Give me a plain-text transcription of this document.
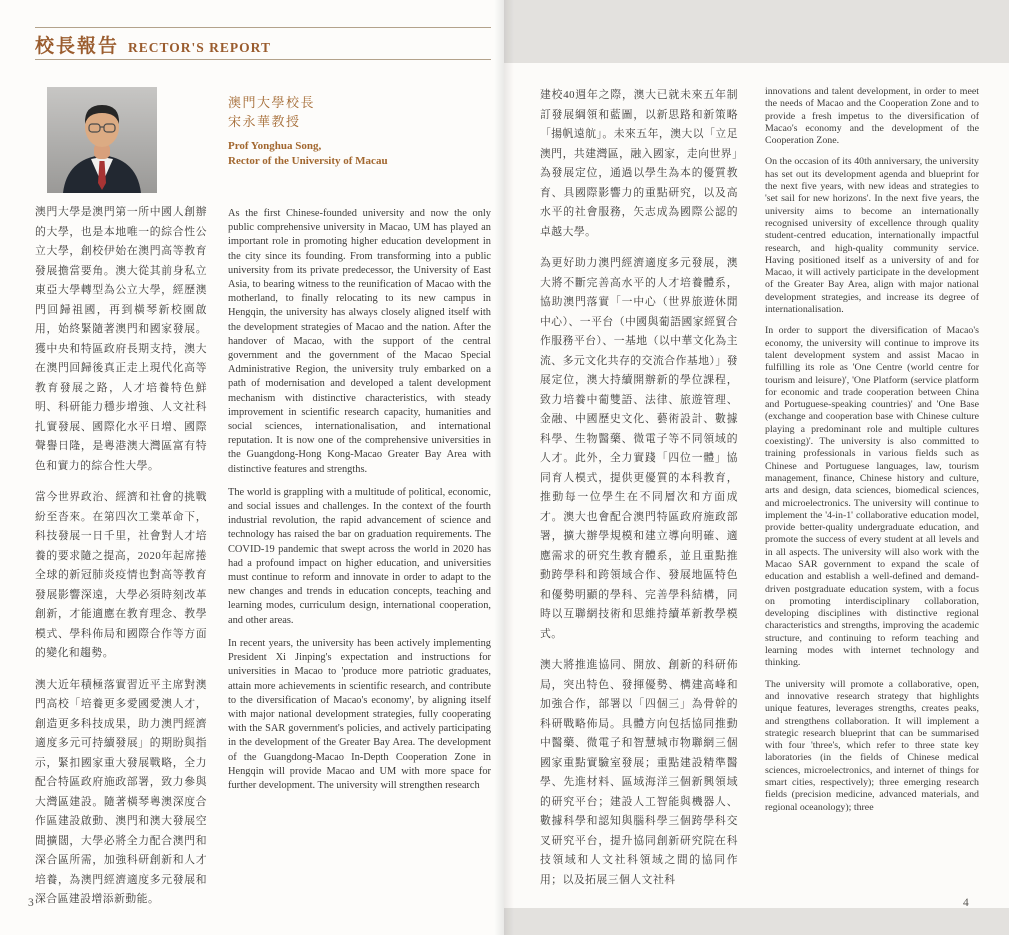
校長報告 RECTOR'S REPORT
澳門大學校長
宋永華教授
Prof Yonghua Song,
Rector of the University of Macau

澳門大學是澳門第一所中國人創辦的大學，也是本地唯一的綜合性公立大學，創校伊始在澳門高等教育發展擔當要角。澳大從其前身私立東亞大學轉型為公立大學，經歷澳門回歸祖國，再到橫琴新校園啟用，始終緊隨著澳門和國家發展。獲中央和特區政府長期支持，澳大在澳門回歸後真正走上現代化高等教育發展之路，人才培養特色鮮明、科研能力穩步增強、人文社科扎實發展、國際化水平日增、國際聲譽日隆，是粵港澳大灣區富有特色和實力的綜合性大學。

當今世界政治、經濟和社會的挑戰紛至沓來。在第四次工業革命下，科技發展一日千里，社會對人才培養的要求隨之提高，2020年起席捲全球的新冠肺炎疫情也對高等教育發展影響深遠，大學必須時刻改革創新，才能適應在教育理念、教學模式、學科佈局和國際合作等方面的變化和趨勢。

澳大近年積極落實習近平主席對澳門高校「培養更多愛國愛澳人才，創造更多科技成果，助力澳門經濟適度多元可持續發展」的期盼與指示，緊扣國家重大發展戰略，全力配合特區政府施政部署，致力參與大灣區建設。隨著橫琴粵澳深度合作區建設啟動、澳門和澳大發展空間擴闊，大學必將全力配合澳門和深合區所需，加強科研創新和人才培養，為澳門經濟適度多元發展和深合區建設增添新動能。

As the first Chinese-founded university and now the only public comprehensive university in Macao, UM has played an important role in promoting higher education development in the city since its founding. From transforming into a public university from its private predecessor, the University of East Asia, to bearing witness to the reunification of Macao with the motherland, to finally relocating to its new campus in Hengqin, the university has always closely aligned itself with the development strategies of Macao and the nation. After the handover of Macao, with the support of the central government and the government of the Macao Special Administrative Region, the university truly embarked on a path of modernisation and developed a talent development mechanism with distinctive characteristics, with steady improvement in scientific research capacity, humanities and social sciences, internationalisation, and international reputation. It is now one of the comprehensive universities in the Guangdong-Hong Kong-Macao Greater Bay Area with distinctive features and strengths.

The world is grappling with a multitude of political, economic, and social issues and challenges. In the context of the fourth industrial revolution, the rapid advancement of science and technology has raised the bar on graduation requirements. The COVID-19 pandemic that swept across the world in 2020 has had a profound impact on higher education, and universities must continue to reform and innovate in order to adapt to the new changes and trends in education concepts, teaching and learning modes, curriculum design, international cooperation, and other areas.

In recent years, the university has been actively implementing President Xi Jinping's expectation and instructions for universities in Macao to 'produce more patriotic graduates, attain more achievements in scientific research, and contribute to the diversification of Macao's economy', by aligning itself with major national development strategies, fully cooperating with the SAR government's policies, and actively participating in the development of the Greater Bay Area. The development of the Guangdong-Macao In-Depth Cooperation Zone in Hengqin will provide Macao and UM with more space for further development. The university will strengthen research

3

建校40週年之際，澳大已就未來五年制訂發展綱領和藍圖，以新思路和新策略「揚帆遠航」。未來五年，澳大以「立足澳門，共建灣區，融入國家，走向世界」為發展定位，通過以學生為本的優質教育、具國際影響力的重點研究，以及高水平的社會服務，矢志成為國際公認的卓越大學。

為更好助力澳門經濟適度多元發展，澳大將不斷完善高水平的人才培養體系，協助澳門落實「一中心（世界旅遊休閒中心）、一平台（中國與葡語國家經貿合作服務平台）、一基地（以中華文化為主流、多元文化共存的交流合作基地）」發展定位，澳大持續開辦新的學位課程，致力培養中葡雙語、法律、旅遊管理、金融、中國歷史文化、藝術設計、數據科學、生物醫藥、微電子等不同領域的人才。此外，全力實踐「四位一體」協同育人模式，提供更優質的本科教育，推動每一位學生在不同層次和方面成才。澳大也會配合澳門特區政府施政部署，擴大辦學規模和建立導向明確、適應需求的研究生教育體系，並且重點推動跨學科和跨領域合作、發展地區特色和優勢明顯的學科、完善學科結構，同時以互聯網技術和思維持續革新教學模式。

澳大將推進協同、開放、創新的科研佈局，突出特色、發揮優勢、構建高峰和加強合作，部署以「四個三」為骨幹的科研戰略佈局。具體方向包括協同推動中醫藥、微電子和智慧城市物聯網三個國家重點實驗室發展；重點建設精準醫學、先進材料、區域海洋三個新興領域的研究平台；建設人工智能與機器人、數據科學和認知與腦科學三個跨學科交叉研究平台，提升協同創新研究院在科技領域和人文社科領域之間的協同作用；以及拓展三個人文社科

innovations and talent development, in order to meet the needs of Macao and the Cooperation Zone and to provide a fresh impetus to the diversification of Macao's economy and the development of the Cooperation Zone.

On the occasion of its 40th anniversary, the university has set out its development agenda and blueprint for the next five years, with new ideas and strategies to 'set sail for new horizons'. In the next five years, the university aims to become an internationally recognised university of excellence through quality student-centred education, internationally impactful research, and high-quality community service. Having positioned itself as a university of and for Macao, it will actively participate in the development of the Greater Bay Area, align with major national development strategies, and increase its degree of internationalisation.

In order to support the diversification of Macao's economy, the university will continue to improve its talent development system and assist Macao in fulfilling its role as 'One Centre (world centre for tourism and leisure)', 'One Platform (service platform for economic and trade cooperation between China and Portuguese-speaking countries)' and 'One Base (exchange and cooperation base with Chinese culture playing a predominant role and multiple cultures coexisting)'. The university is also committed to training professionals in various fields such as Chinese and Portuguese languages, law, tourism management, finance, Chinese history and culture, arts and design, data sciences, biomedical sciences, and microelectronics. The university will continue to implement the '4-in-1' collaborative education model, provide better-quality undergraduate education, and promote the success of every student at all levels and in all aspects. The university will also work with the Macao SAR government to expand the scale of education and establish a well-defined and demand-driven postgraduate education system, with a focus on promoting interdisciplinary collaboration, developing disciplines with distinctive regional characteristics and strengths, improving the academic structure, and continuing to reform teaching and learning modes with internet technology and thinking.

The university will promote a collaborative, open, and innovative research strategy that highlights unique features, leverages strengths, creates peaks, and strengthens collaboration. It will implement a strategic research blueprint that can be summarised with four 'three's, which refer to three state key laboratories (in the fields of Chinese medical sciences, microelectronics, and internet of things for smart cities, respectively); three emerging research fields (precision medicine, advanced materials, and regional oceanology); three

4
